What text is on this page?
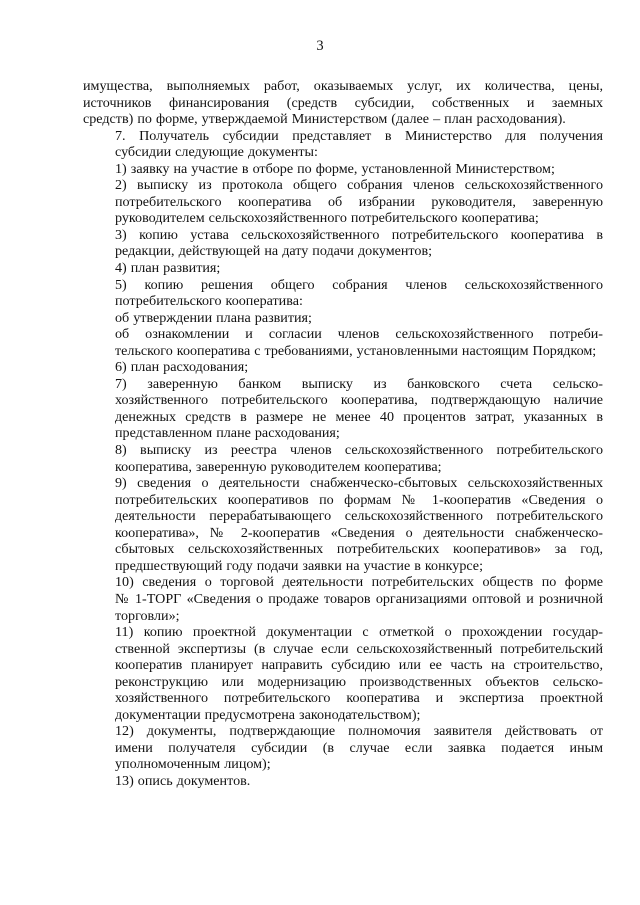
3

имущества, выполняемых работ, оказываемых услуг, их количества, цены,
источников финансирования (средств субсидии, собственных и заемных
средств) по форме, утверждаемой Министерством (далее – план расходования).

7. Получатель субсидии представляет в Министерство для получения
субсидии следующие документы:

1) заявку на участие в отборе по форме, установленной Министерством;

2) выписку из протокола общего собрания членов сельскохозяйственного
потребительского кооператива об избрании руководителя, заверенную
руководителем сельскохозяйственного потребительского кооператива;

3) копию устава сельскохозяйственного потребительского кооператива в
редакции, действующей на дату подачи документов;

4) план развития;

5) копию решения общего собрания членов сельскохозяйственного
потребительского кооператива:

об утверждении плана развития;

об ознакомлении и согласии членов сельскохозяйственного потреби-
тельского кооператива с требованиями, установленными настоящим Порядком;

6) план расходования;

7) заверенную банком выписку из банковского счета сельско-
хозяйственного потребительского кооператива, подтверждающую наличие
денежных средств в размере не менее 40 процентов затрат, указанных в
представленном плане расходования;

8) выписку из реестра членов сельскохозяйственного потребительского
кооператива, заверенную руководителем кооператива;

9) сведения о деятельности снабженческо-сбытовых сельскохозяйственных
потребительских кооперативов по формам № 1-кооператив «Сведения о
деятельности перерабатывающего сельскохозяйственного потребительского
кооператива», № 2-кооператив «Сведения о деятельности снабженческо-
сбытовых сельскохозяйственных потребительских кооперативов» за год,
предшествующий году подачи заявки на участие в конкурсе;

10) сведения о торговой деятельности потребительских обществ по форме
№ 1-ТОРГ «Сведения о продаже товаров организациями оптовой и розничной
торговли»;

11) копию проектной документации с отметкой о прохождении государ-
ственной экспертизы (в случае если сельскохозяйственный потребительский
кооператив планирует направить субсидию или ее часть на строительство,
реконструкцию или модернизацию производственных объектов сельско-
хозяйственного потребительского кооператива и экспертиза проектной
документации предусмотрена законодательством);

12) документы, подтверждающие полномочия заявителя действовать от
имени получателя субсидии (в случае если заявка подается иным
уполномоченным лицом);

13) опись документов.
